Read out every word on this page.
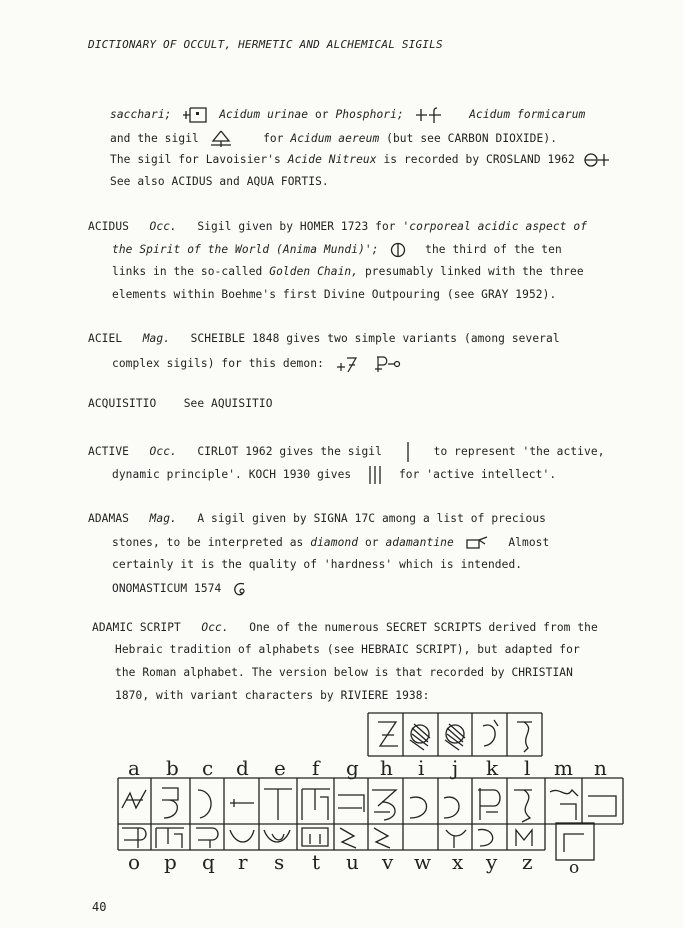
DICTIONARY OF OCCULT, HERMETIC AND ALCHEMICAL SIGILS
sacchari;	Acidum urinae or Phosphori;	Acidum formicarum
and the sigil	for Acidum aereum (but see CARBON DIOXIDE).
The sigil for Lavoisier's Acide Nitreux is recorded by CROSLAND 1962
See also ACIDUS and AQUA FORTIS.
ACIDUS Occ. Sigil given by HOMER 1723 for 'corporeal acidic aspect of
the Spirit of the World (Anima Mundi)';	the third of the ten
links in the so-called Golden Chain, presumably linked with the three
elements within Boehme's first Divine Outpouring (see GRAY 1952).
ACIEL Mag. SCHEIBLE 1848 gives two simple variants (among several
complex sigils) for this demon:
ACQUISITIO See AQUISITIO
ACTIVE Occ. CIRLOT 1962 gives the sigil	to represent 'the active,
dynamic principle'. KOCH 1930 gives	for 'active intellect'.
ADAMAS Mag. A sigil given by SIGNA 17C among a list of precious
stones, to be interpreted as diamond or adamantine	Almost
certainly it is the quality of 'hardness' which is intended.
ONOMASTICUM 1574
ADAMIC SCRIPT Occ. One of the numerous SECRET SCRIPTS derived from the
Hebraic tradition of alphabets (see HEBRAIC SCRIPT), but adapted for
the Roman alphabet. The version below is that recorded by CHRISTIAN
1870, with variant characters by RIVIERE 1938:
a b c d e f g h i j k l m n
o p q r s t u v w x y z o
40
